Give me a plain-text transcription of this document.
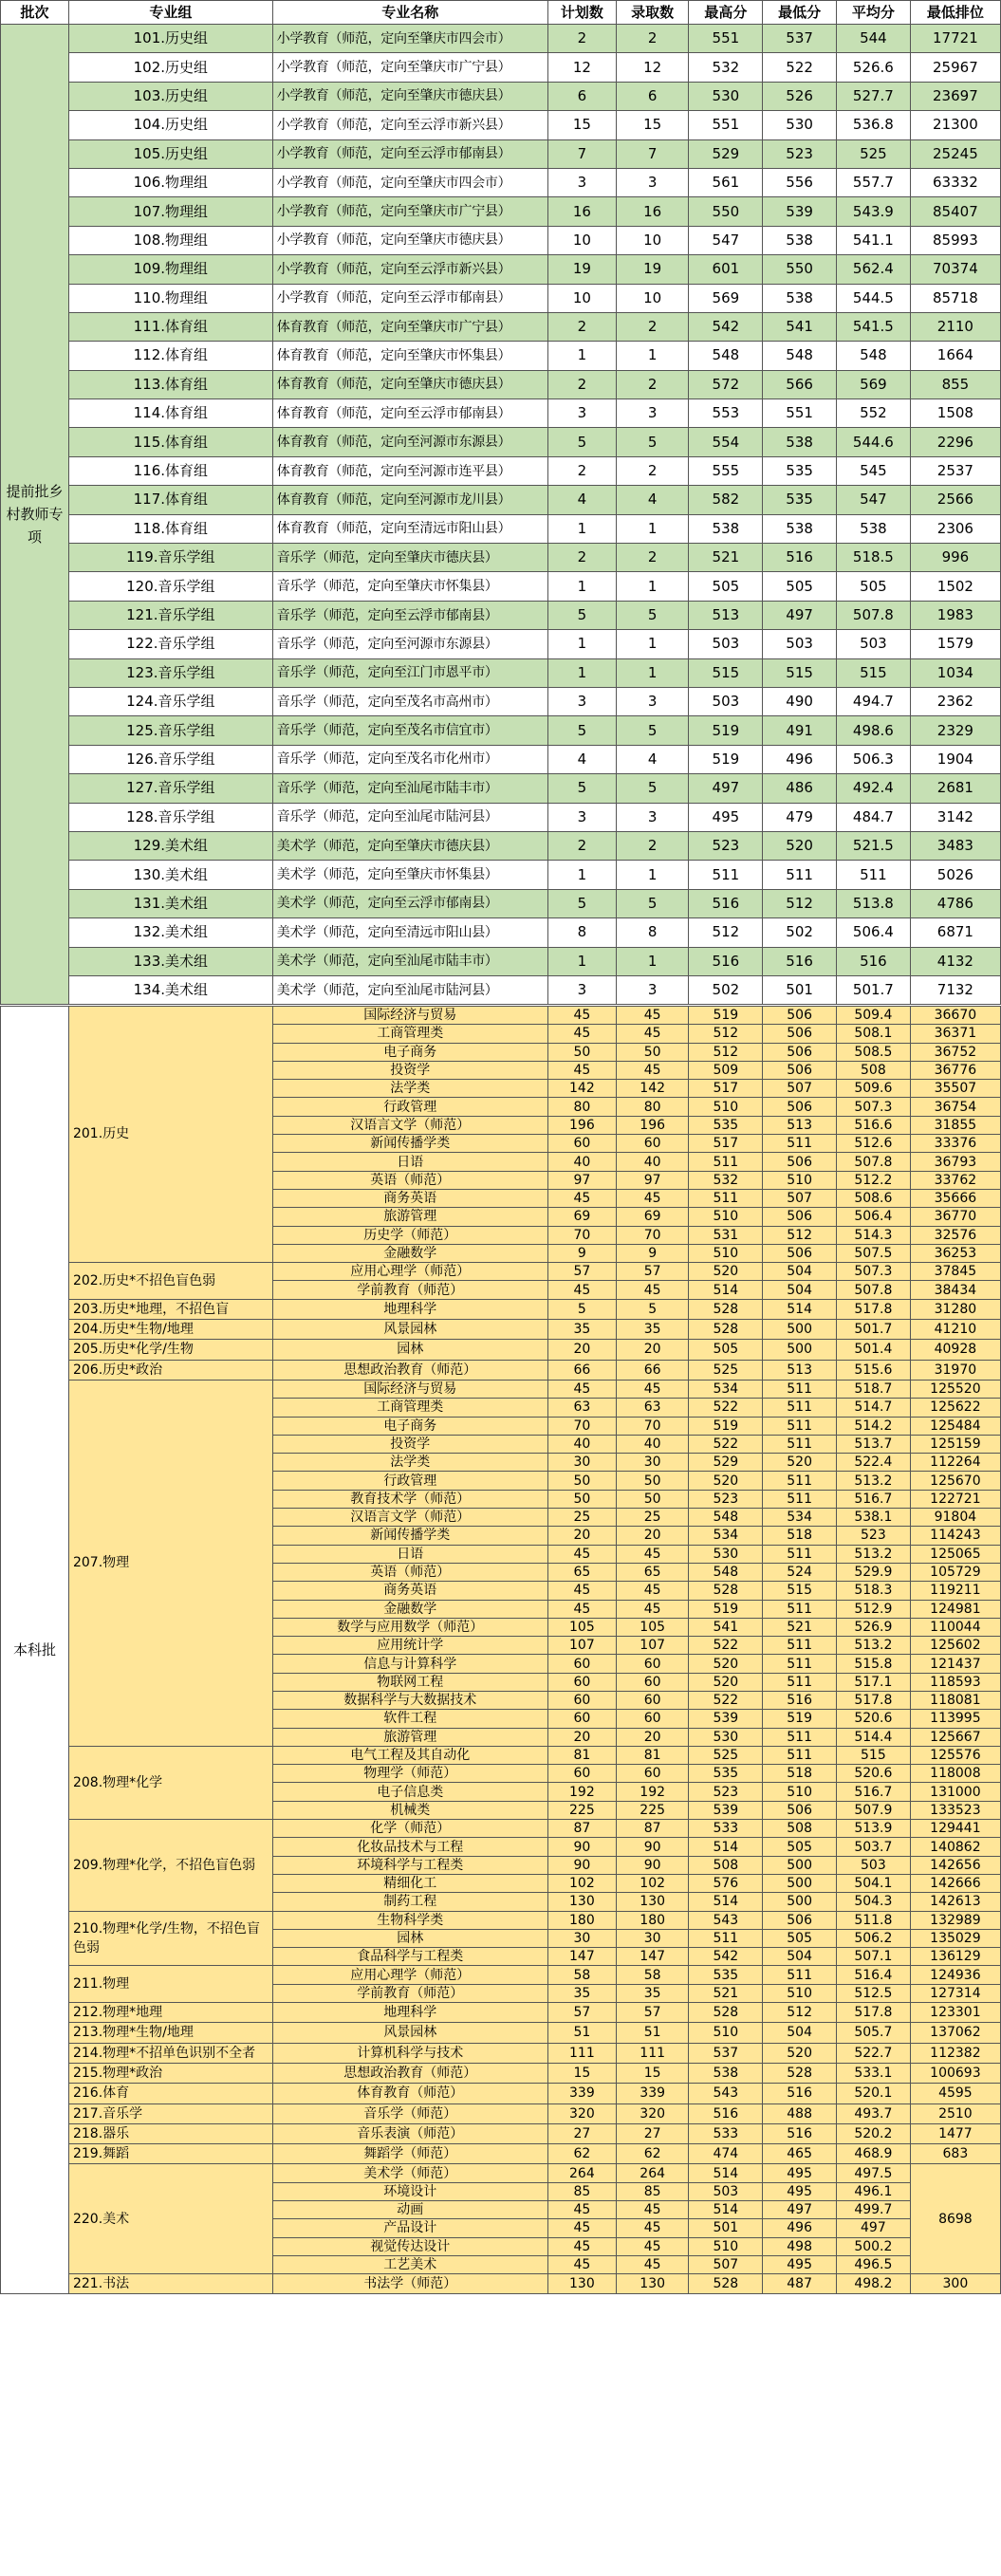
批次	专业组	专业名称	计划数	录取数	最高分	最低分	平均分	最低排位
提前批乡村教师专项	101.历史组	小学教育（师范，定向至肇庆市四会市）	2	2	551	537	544	17721
	102.历史组	小学教育（师范，定向至肇庆市广宁县）	12	12	532	522	526.6	25967
	103.历史组	小学教育（师范，定向至肇庆市德庆县）	6	6	530	526	527.7	23697
	104.历史组	小学教育（师范，定向至云浮市新兴县）	15	15	551	530	536.8	21300
	105.历史组	小学教育（师范，定向至云浮市郁南县）	7	7	529	523	525	25245
	106.物理组	小学教育（师范，定向至肇庆市四会市）	3	3	561	556	557.7	63332
	107.物理组	小学教育（师范，定向至肇庆市广宁县）	16	16	550	539	543.9	85407
	108.物理组	小学教育（师范，定向至肇庆市德庆县）	10	10	547	538	541.1	85993
	109.物理组	小学教育（师范，定向至云浮市新兴县）	19	19	601	550	562.4	70374
	110.物理组	小学教育（师范，定向至云浮市郁南县）	10	10	569	538	544.5	85718
	111.体育组	体育教育（师范，定向至肇庆市广宁县）	2	2	542	541	541.5	2110
	112.体育组	体育教育（师范，定向至肇庆市怀集县）	1	1	548	548	548	1664
	113.体育组	体育教育（师范，定向至肇庆市德庆县）	2	2	572	566	569	855
	114.体育组	体育教育（师范，定向至云浮市郁南县）	3	3	553	551	552	1508
	115.体育组	体育教育（师范，定向至河源市东源县）	5	5	554	538	544.6	2296
	116.体育组	体育教育（师范，定向至河源市连平县）	2	2	555	535	545	2537
	117.体育组	体育教育（师范，定向至河源市龙川县）	4	4	582	535	547	2566
	118.体育组	体育教育（师范，定向至清远市阳山县）	1	1	538	538	538	2306
	119.音乐学组	音乐学（师范，定向至肇庆市德庆县）	2	2	521	516	518.5	996
	120.音乐学组	音乐学（师范，定向至肇庆市怀集县）	1	1	505	505	505	1502
	121.音乐学组	音乐学（师范，定向至云浮市郁南县）	5	5	513	497	507.8	1983
	122.音乐学组	音乐学（师范，定向至河源市东源县）	1	1	503	503	503	1579
	123.音乐学组	音乐学（师范，定向至江门市恩平市）	1	1	515	515	515	1034
	124.音乐学组	音乐学（师范，定向至茂名市高州市）	3	3	503	490	494.7	2362
	125.音乐学组	音乐学（师范，定向至茂名市信宜市）	5	5	519	491	498.6	2329
	126.音乐学组	音乐学（师范，定向至茂名市化州市）	4	4	519	496	506.3	1904
	127.音乐学组	音乐学（师范，定向至汕尾市陆丰市）	5	5	497	486	492.4	2681
	128.音乐学组	音乐学（师范，定向至汕尾市陆河县）	3	3	495	479	484.7	3142
	129.美术组	美术学（师范，定向至肇庆市德庆县）	2	2	523	520	521.5	3483
	130.美术组	美术学（师范，定向至肇庆市怀集县）	1	1	511	511	511	5026
	131.美术组	美术学（师范，定向至云浮市郁南县）	5	5	516	512	513.8	4786
	132.美术组	美术学（师范，定向至清远市阳山县）	8	8	512	502	506.4	6871
	133.美术组	美术学（师范，定向至汕尾市陆丰市）	1	1	516	516	516	4132
	134.美术组	美术学（师范，定向至汕尾市陆河县）	3	3	502	501	501.7	7132
本科批	201.历史	国际经济与贸易	45	45	519	506	509.4	36670
		工商管理类	45	45	512	506	508.1	36371
		电子商务	50	50	512	506	508.5	36752
		投资学	45	45	509	506	508	36776
		法学类	142	142	517	507	509.6	35507
		行政管理	80	80	510	506	507.3	36754
		汉语言文学（师范）	196	196	535	513	516.6	31855
		新闻传播学类	60	60	517	511	512.6	33376
		日语	40	40	511	506	507.8	36793
		英语（师范）	97	97	532	510	512.2	33762
		商务英语	45	45	511	507	508.6	35666
		旅游管理	69	69	510	506	506.4	36770
		历史学（师范）	70	70	531	512	514.3	32576
		金融数学	9	9	510	506	507.5	36253
	202.历史*不招色盲色弱	应用心理学（师范）	57	57	520	504	507.3	37845
		学前教育（师范）	45	45	514	504	507.8	38434
	203.历史*地理，不招色盲	地理科学	5	5	528	514	517.8	31280
	204.历史*生物/地理	风景园林	35	35	528	500	501.7	41210
	205.历史*化学/生物	园林	20	20	505	500	501.4	40928
	206.历史*政治	思想政治教育（师范）	66	66	525	513	515.6	31970
	207.物理	国际经济与贸易	45	45	534	511	518.7	125520
		工商管理类	63	63	522	511	514.7	125622
		电子商务	70	70	519	511	514.2	125484
		投资学	40	40	522	511	513.7	125159
		法学类	30	30	529	520	522.4	112264
		行政管理	50	50	520	511	513.2	125670
		教育技术学（师范）	50	50	523	511	516.7	122721
		汉语言文学（师范）	25	25	548	534	538.1	91804
		新闻传播学类	20	20	534	518	523	114243
		日语	45	45	530	511	513.2	125065
		英语（师范）	65	65	548	524	529.9	105729
		商务英语	45	45	528	515	518.3	119211
		金融数学	45	45	519	511	512.9	124981
		数学与应用数学（师范）	105	105	541	521	526.9	110044
		应用统计学	107	107	522	511	513.2	125602
		信息与计算科学	60	60	520	511	515.8	121437
		物联网工程	60	60	520	511	517.1	118593
		数据科学与大数据技术	60	60	522	516	517.8	118081
		软件工程	60	60	539	519	520.6	113995
		旅游管理	20	20	530	511	514.4	125667
	208.物理*化学	电气工程及其自动化	81	81	525	511	515	125576
		物理学（师范）	60	60	535	518	520.6	118008
		电子信息类	192	192	523	510	516.7	131000
		机械类	225	225	539	506	507.9	133523
	209.物理*化学，不招色盲色弱	化学（师范）	87	87	533	508	513.9	129441
		化妆品技术与工程	90	90	514	505	503.7	140862
		环境科学与工程类	90	90	508	500	503	142656
		精细化工	102	102	576	500	504.1	142666
		制药工程	130	130	514	500	504.3	142613
	210.物理*化学/生物，不招色盲色弱	生物科学类	180	180	543	506	511.8	132989
		园林	30	30	511	505	506.2	135029
		食品科学与工程类	147	147	542	504	507.1	136129
	211.物理	应用心理学（师范）	58	58	535	511	516.4	124936
		学前教育（师范）	35	35	521	510	512.5	127314
	212.物理*地理	地理科学	57	57	528	512	517.8	123301
	213.物理*生物/地理	风景园林	51	51	510	504	505.7	137062
	214.物理*不招单色识别不全者	计算机科学与技术	111	111	537	520	522.7	112382
	215.物理*政治	思想政治教育（师范）	15	15	538	528	533.1	100693
	216.体育	体育教育（师范）	339	339	543	516	520.1	4595
	217.音乐学	音乐学（师范）	320	320	516	488	493.7	2510
	218.器乐	音乐表演（师范）	27	27	533	516	520.2	1477
	219.舞蹈	舞蹈学（师范）	62	62	474	465	468.9	683
	220.美术	美术学（师范）	264	264	514	495	497.5	8698
		环境设计	85	85	503	495	496.1	
		动画	45	45	514	497	499.7	
		产品设计	45	45	501	496	497	
		视觉传达设计	45	45	510	498	500.2	
		工艺美术	45	45	507	495	496.5	
	221.书法	书法学（师范）	130	130	528	487	498.2	300
